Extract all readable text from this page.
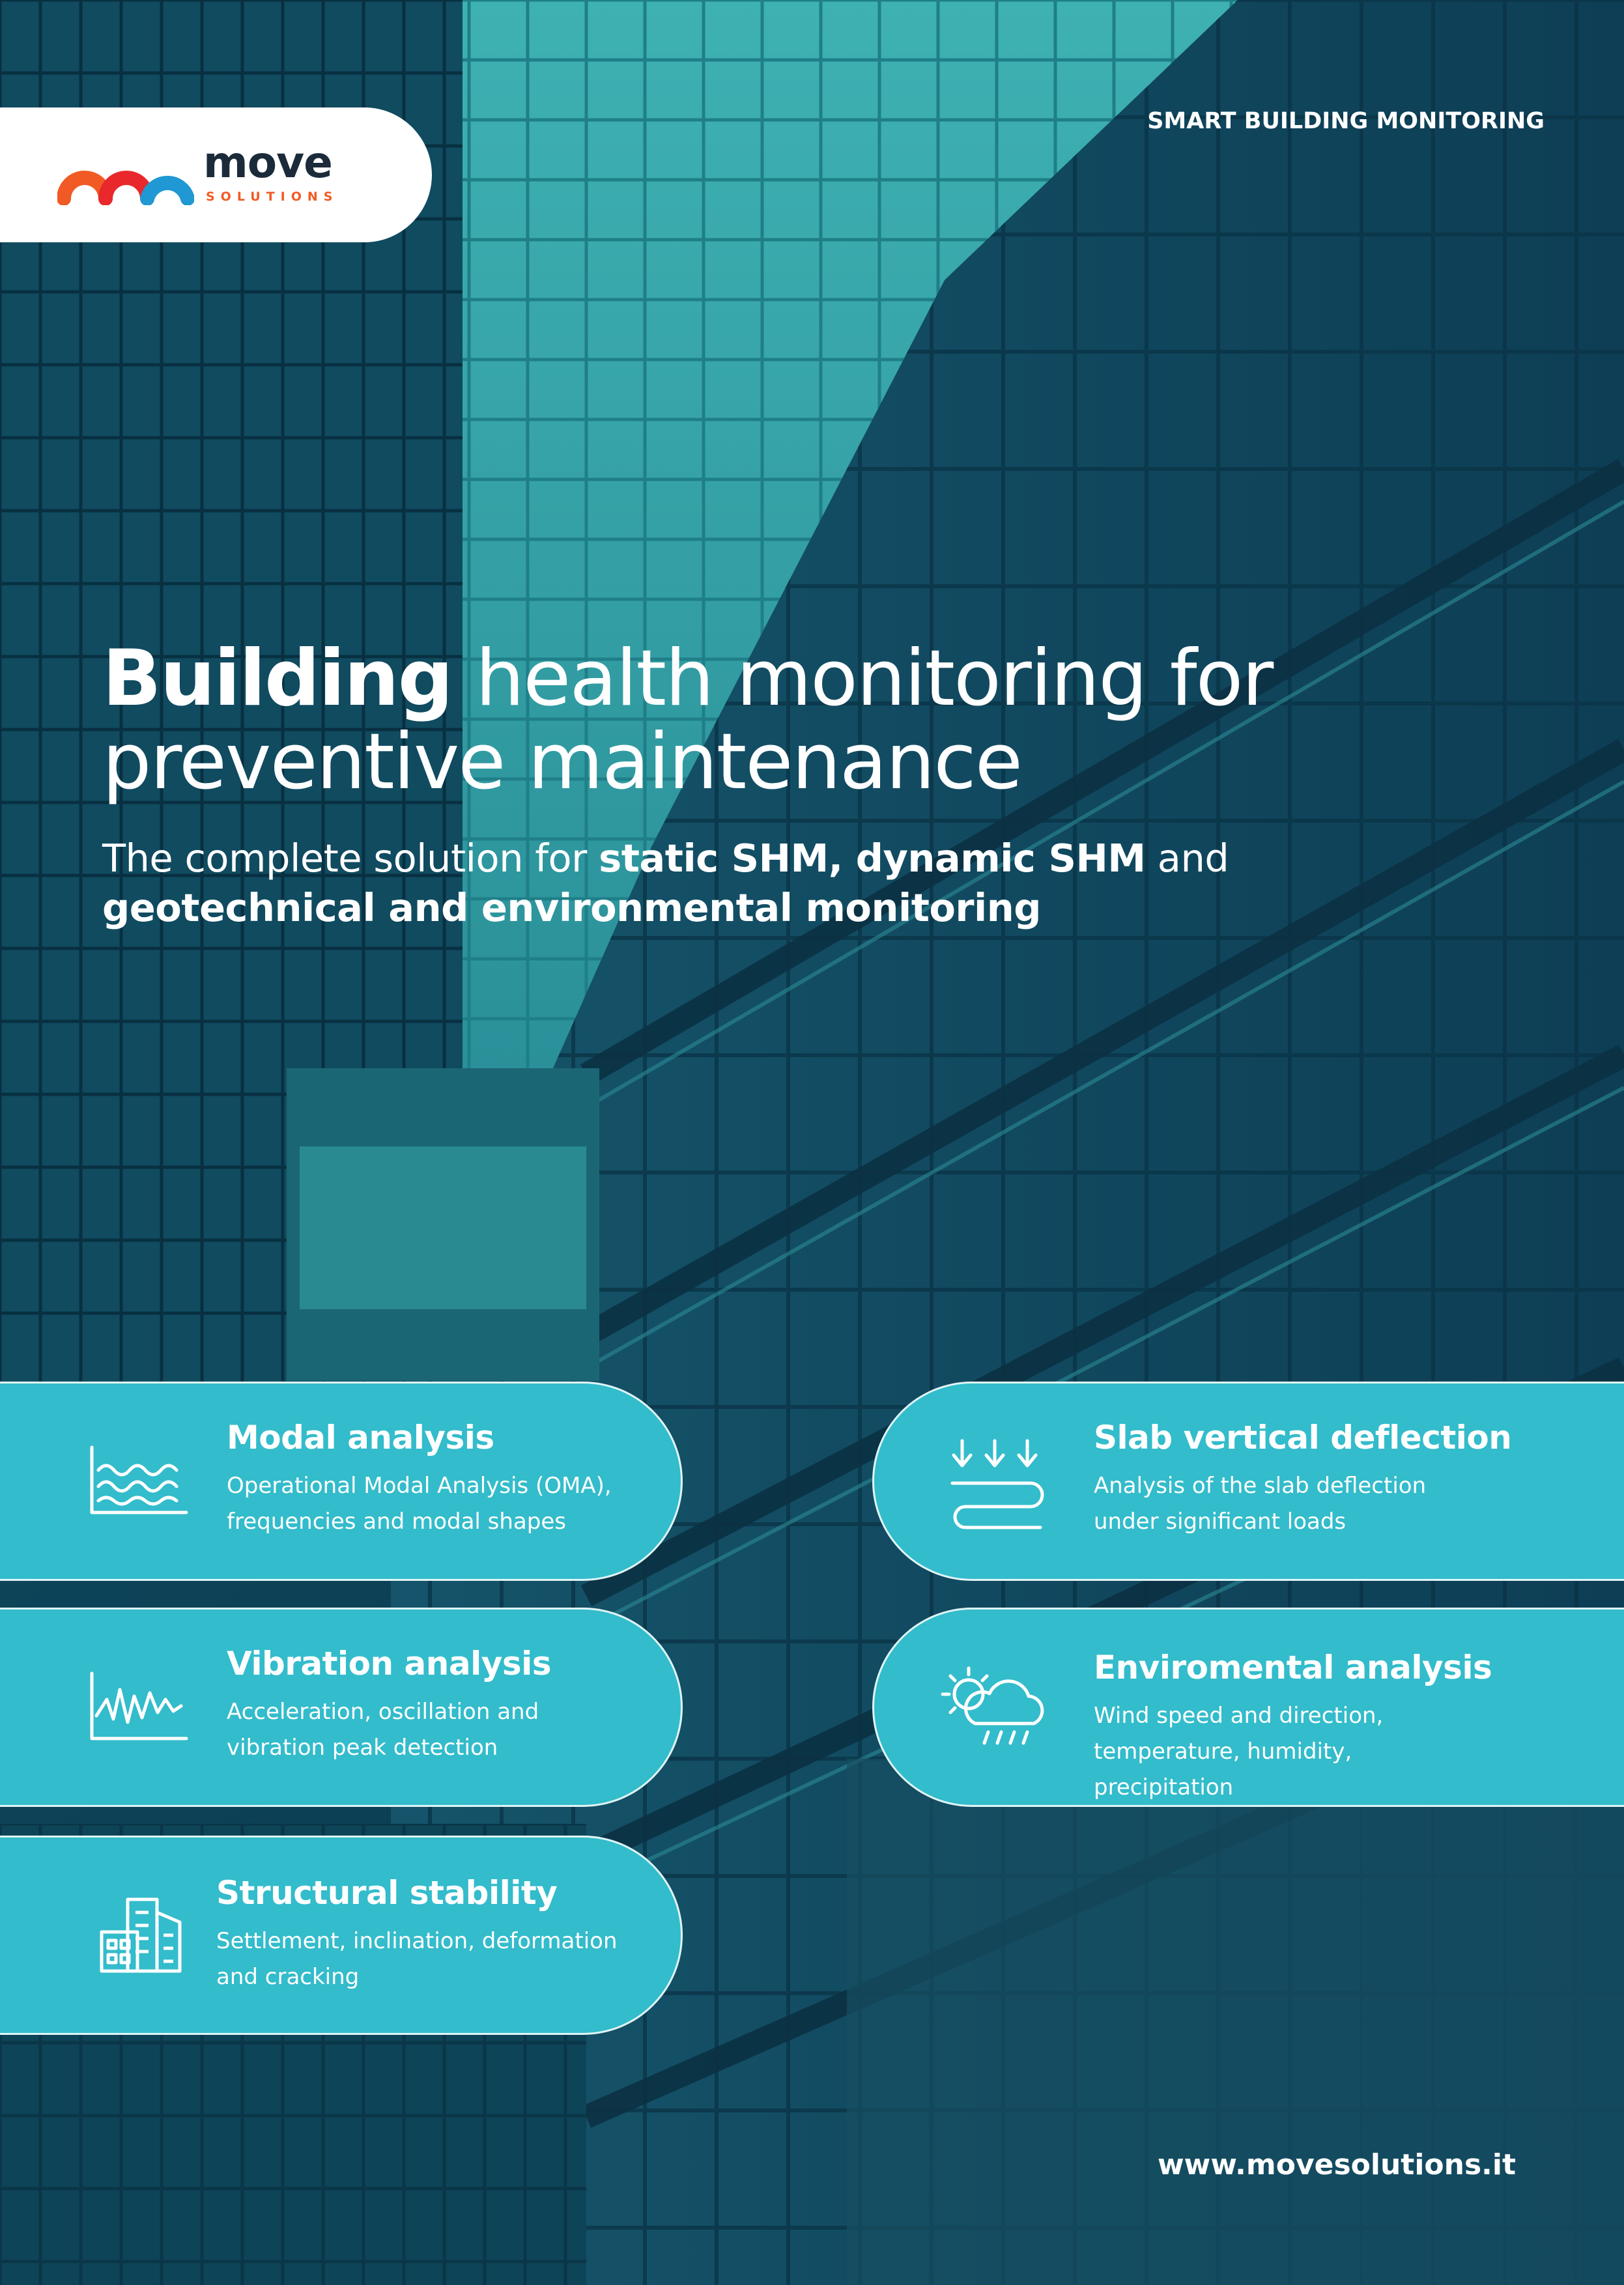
move
SOLUTIONS
SMART BUILDING MONITORING
Building health monitoring for
preventive maintenance

The complete solution for static SHM, dynamic SHM and
geotechnical and environmental monitoring

Modal analysis
Operational Modal Analysis (OMA), frequencies and modal shapes
Slab vertical deflection
Analysis of the slab deflection under significant loads
Vibration analysis
Acceleration, oscillation and vibration peak detection
Enviromental analysis
Wind speed and direction, temperature, humidity, precipitation
Structural stability
Settlement, inclination, deformation and cracking
www.movesolutions.it
